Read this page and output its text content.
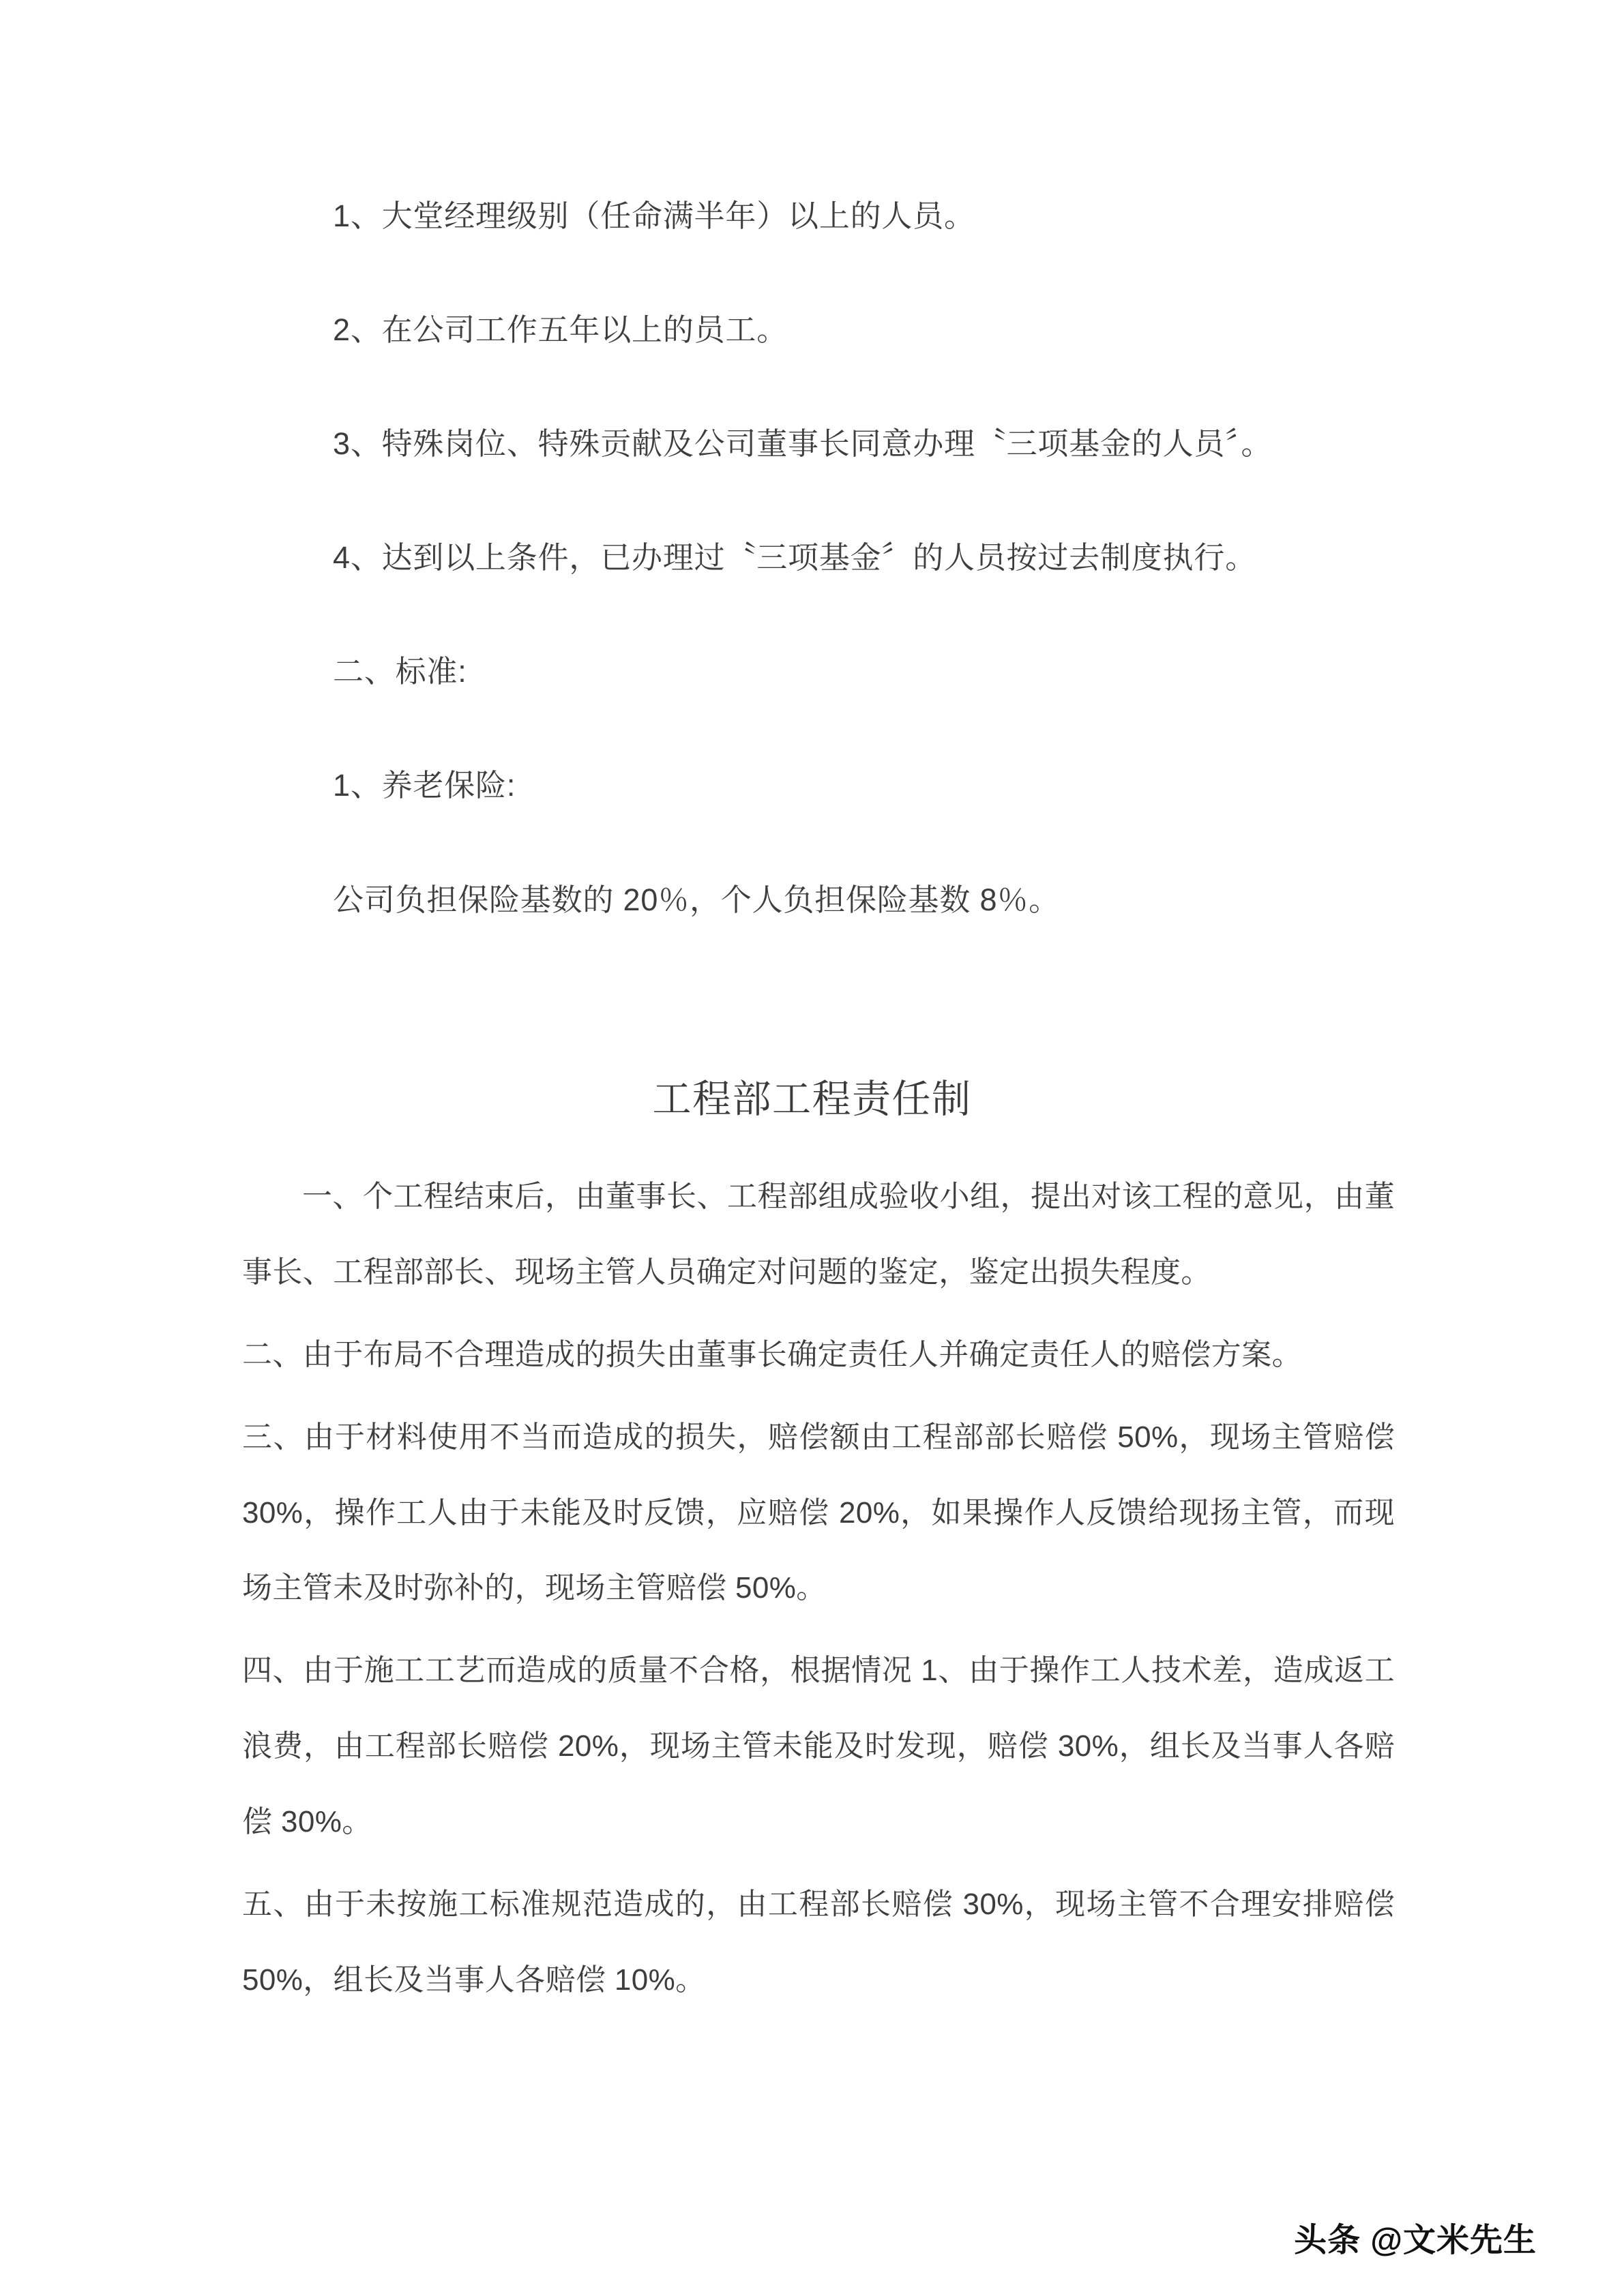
1、大堂经理级别（任命满半年）以上的人员。

2、在公司工作五年以上的员工。

3、特殊岗位、特殊贡献及公司董事长同意办理〝三项基金的人员〞。

4、达到以上条件，已办理过〝三项基金〞的人员按过去制度执行。

二、标准:

1、养老保险:

公司负担保险基数的 20％，个人负担保险基数 8％。

工程部工程责任制

一、个工程结束后，由董事长、工程部组成验收小组，提出对该工程的意见，由董事长、工程部部长、现场主管人员确定对问题的鉴定，鉴定出损失程度。

二、由于布局不合理造成的损失由董事长确定责任人并确定责任人的赔偿方案。

三、由于材料使用不当而造成的损失，赔偿额由工程部部长赔偿 50%，现场主管赔偿 30%，操作工人由于未能及时反馈，应赔偿 20%，如果操作人反馈给现扬主管，而现场主管未及时弥补的，现场主管赔偿 50%。

四、由于施工工艺而造成的质量不合格，根据情况 1、由于操作工人技术差，造成返工浪费，由工程部长赔偿 20%，现场主管未能及时发现，赔偿 30%，组长及当事人各赔偿 30%。

五、由于未按施工标准规范造成的，由工程部长赔偿 30%，现场主管不合理安排赔偿 50%，组长及当事人各赔偿 10%。

头条 @文米先生
